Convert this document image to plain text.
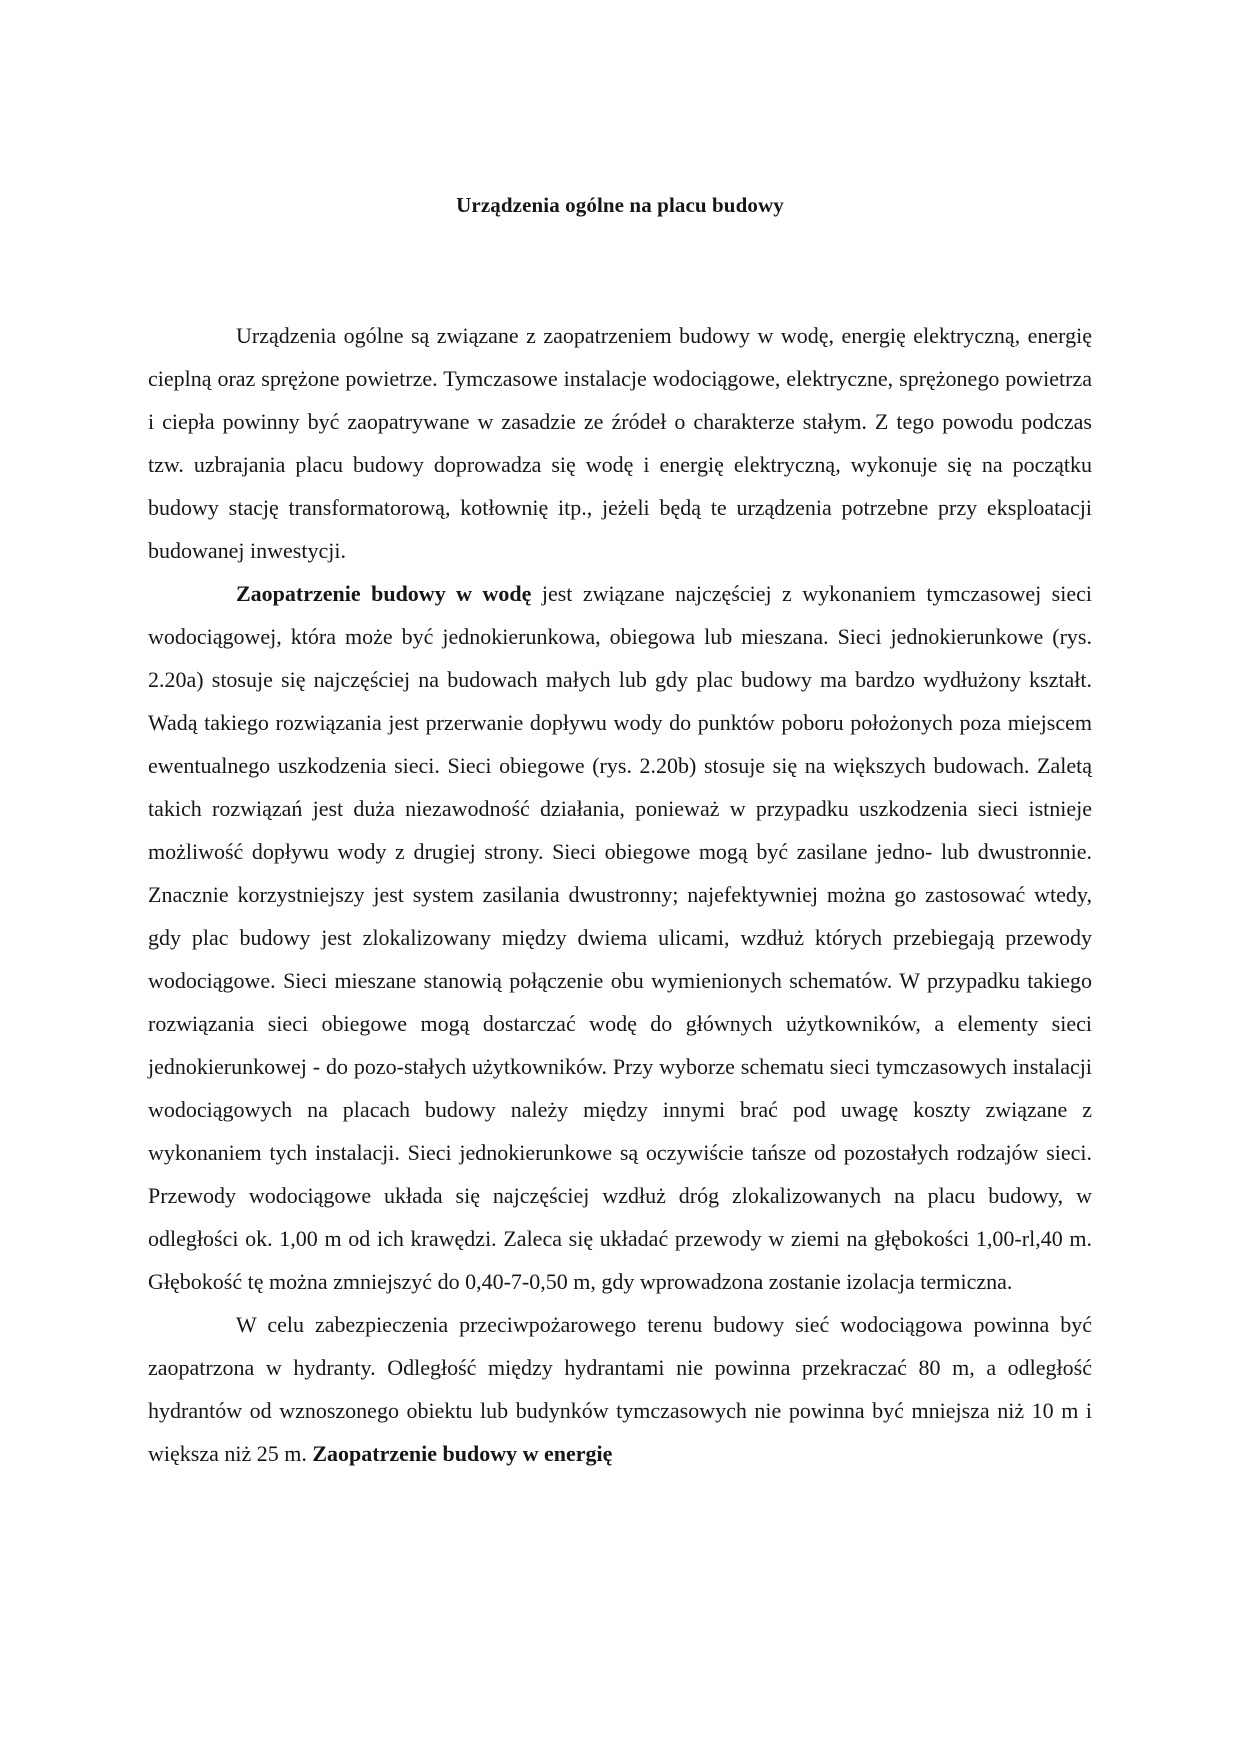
Urządzenia ogólne na placu budowy

Urządzenia ogólne są związane z zaopatrzeniem budowy w wodę, energię elektryczną, energię cieplną oraz sprężone powietrze. Tymczasowe instalacje wodociągowe, elektryczne, sprężonego powietrza i ciepła powinny być zaopatrywane w zasadzie ze źródeł o charakterze stałym. Z tego powodu podczas tzw. uzbrajania placu budowy doprowadza się wodę i energię elektryczną, wykonuje się na początku budowy stację transformatorową, kotłownię itp., jeżeli będą te urządzenia potrzebne przy eksploatacji budowanej inwestycji.

Zaopatrzenie budowy w wodę jest związane najczęściej z wykonaniem tymczasowej sieci wodociągowej, która może być jednokierunkowa, obiegowa lub mieszana. Sieci jednokierunkowe (rys. 2.20a) stosuje się najczęściej na budowach małych lub gdy plac budowy ma bardzo wydłużony kształt. Wadą takiego rozwiązania jest przerwanie dopływu wody do punktów poboru położonych poza miejscem ewentualnego uszkodzenia sieci. Sieci obiegowe (rys. 2.20b) stosuje się na większych budowach. Zaletą takich rozwiązań jest duża niezawodność działania, ponieważ w przypadku uszkodzenia sieci istnieje możliwość dopływu wody z drugiej strony. Sieci obiegowe mogą być zasilane jedno- lub dwustronnie. Znacznie korzystniejszy jest system zasilania dwustronny; najefektywniej można go zastosować wtedy, gdy plac budowy jest zlokalizowany między dwiema ulicami, wzdłuż których przebiegają przewody wodociągowe. Sieci mieszane stanowią połączenie obu wymienionych schematów. W przypadku takiego rozwiązania sieci obiegowe mogą dostarczać wodę do głównych użytkowników, a elementy sieci jednokierunkowej - do pozo-stałych użytkowników. Przy wyborze schematu sieci tymczasowych instalacji wodociągowych na placach budowy należy między innymi brać pod uwagę koszty związane z wykonaniem tych instalacji. Sieci jednokierunkowe są oczywiście tańsze od pozostałych rodzajów sieci. Przewody wodociągowe układa się najczęściej wzdłuż dróg zlokalizowanych na placu budowy, w odległości ok. 1,00 m od ich krawędzi. Zaleca się układać przewody w ziemi na głębokości 1,00-rl,40 m. Głębokość tę można zmniejszyć do 0,40-7-0,50 m, gdy wprowadzona zostanie izolacja termiczna.

W celu zabezpieczenia przeciwpożarowego terenu budowy sieć wodociągowa powinna być zaopatrzona w hydranty. Odległość między hydrantami nie powinna przekraczać 80 m, a odległość hydrantów od wznoszonego obiektu lub budynków tymczasowych nie powinna być mniejsza niż 10 m i większa niż 25 m. Zaopatrzenie budowy w energię
